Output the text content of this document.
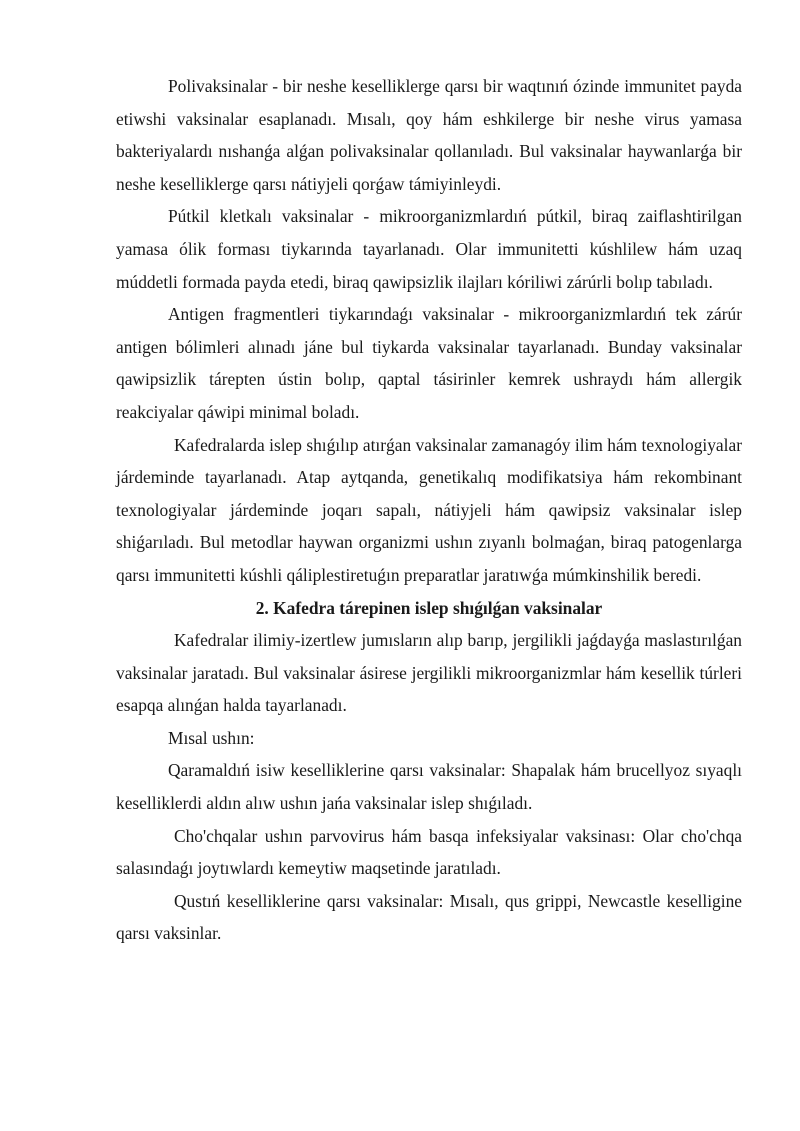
Polivaksinalar - bir neshe keselliklerge qarsı bir waqtınıń ózinde immunitet payda etiwshi vaksinalar esaplanadı. Mısalı, qoy hám eshkilerge bir neshe virus yamasa bakteriyalardı nıshanǵa alǵan polivaksinalar qollanıladı. Bul vaksinalar haywanlarǵa bir neshe keselliklerge qarsı nátiyjeli qorǵaw támiyinleydi.

Pútkil kletkalı vaksinalar - mikroorganizmlardıń pútkil, biraq zaiflashtirilgan yamasa ólik forması tiykarında tayarlanadı. Olar immunitetti kúshlilew hám uzaq múddetli formada payda etedi, biraq qawipsizlik ilajları kóriliwi zárúrli bolıp tabıladı.

Antigen fragmentleri tiykarındaǵı vaksinalar - mikroorganizmlardıń tek zárúr antigen bólimleri alınadı jáne bul tiykarda vaksinalar tayarlanadı. Bunday vaksinalar qawipsizlik tárepten ústin bolıp, qaptal tásirinler kemrek ushraydı hám allergik reakciyalar qáwipi minimal boladı.

Kafedralarda islep shıǵılıp atırǵan vaksinalar zamanagóy ilim hám texnologiyalar járdeminde tayarlanadı. Atap aytqanda, genetikalıq modifikatsiya hám rekombinant texnologiyalar járdeminde joqarı sapalı, nátiyjeli hám qawipsiz vaksinalar islep shiǵarıladı. Bul metodlar haywan organizmi ushın zıyanlı bolmaǵan, biraq patogenlarga qarsı immunitetti kúshli qáliplestiretuǵın preparatlar jaratıwǵa múmkinshilik beredi.

2. Kafedra tárepinen islep shıǵılǵan vaksinalar

Kafedralar ilimiy-izertlew jumısların alıp barıp, jergilikli jaǵdayǵa maslastırılǵan vaksinalar jaratadı. Bul vaksinalar ásirese jergilikli mikroorganizmlar hám kesellik túrleri esapqa alınǵan halda tayarlanadı.

Mısal ushın:

Qaramaldıń isiw keselliklerine qarsı vaksinalar: Shapalak hám brucellyoz sıyaqlı keselliklerdi aldın alıw ushın jańa vaksinalar islep shıǵıladı.

Cho'chqalar ushın parvovirus hám basqa infeksiyalar vaksinası: Olar cho'chqa salasındaǵı joytıwlardı kemeytiw maqsetinde jaratıladı.

Qustıń keselliklerine qarsı vaksinalar: Mısalı, qus grippi, Newcastle keselligine qarsı vaksinlar.
